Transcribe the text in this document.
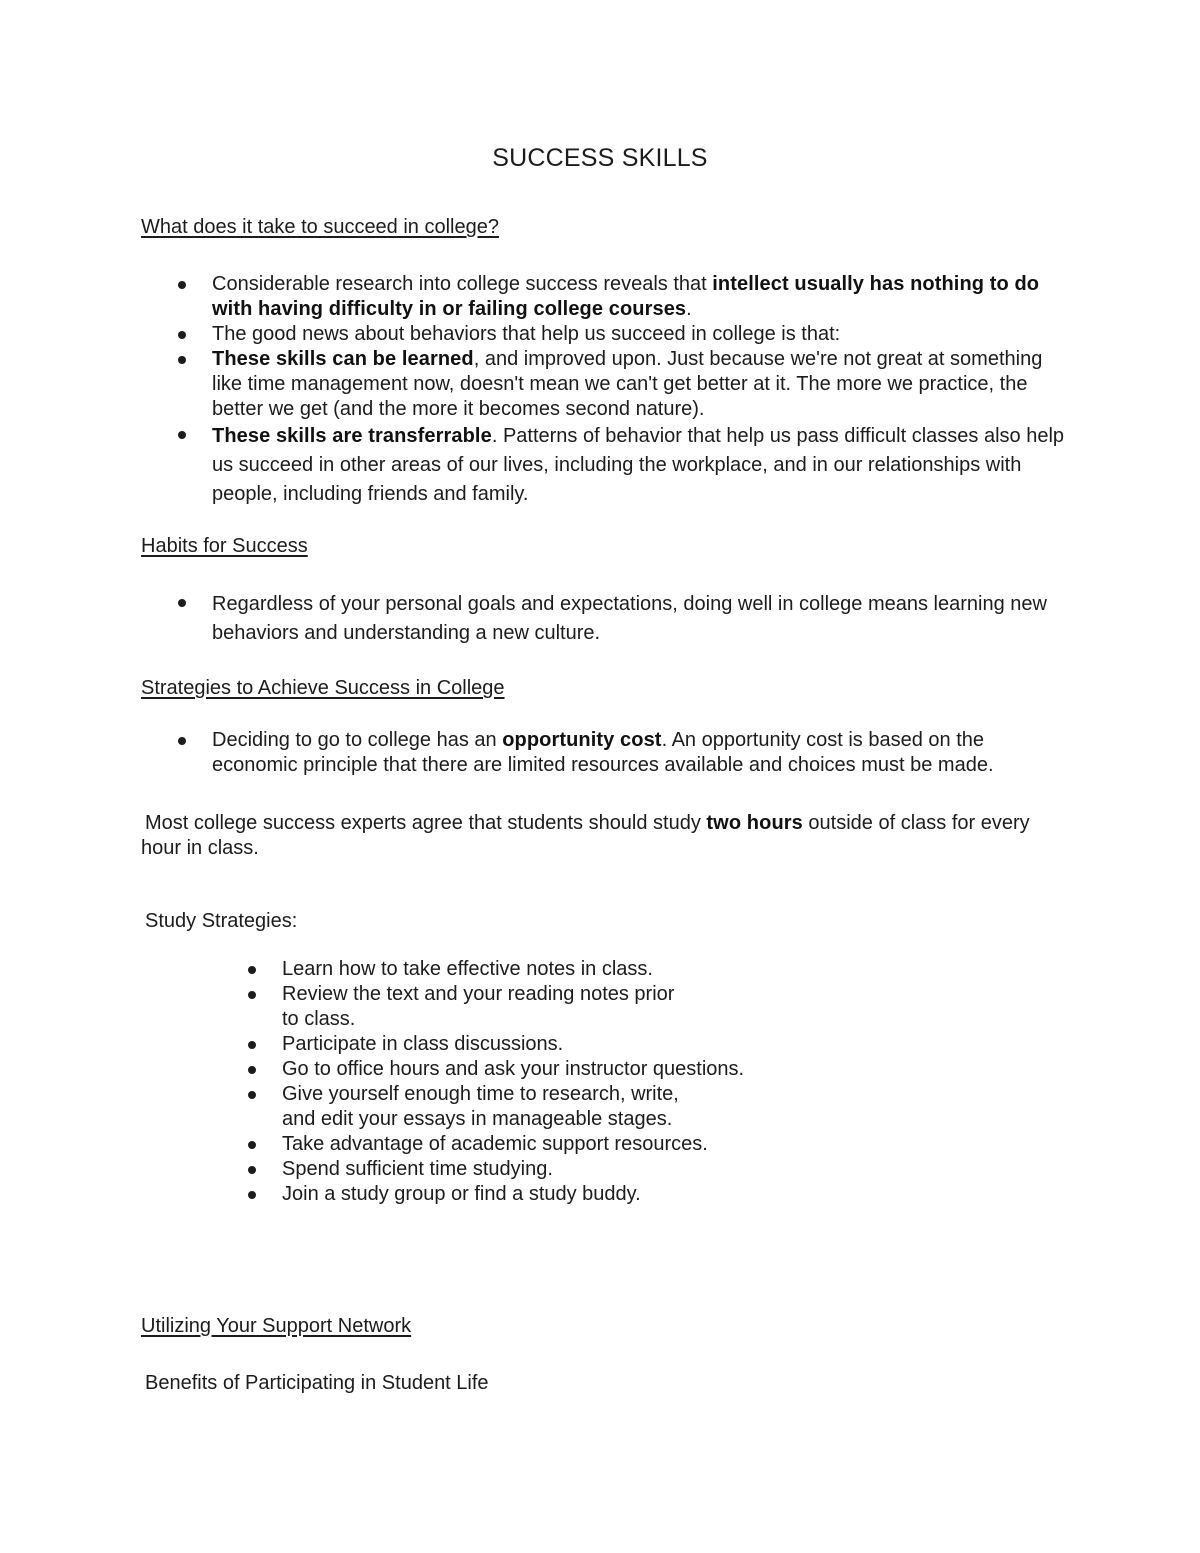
SUCCESS SKILLS
What does it take to succeed in college?
Considerable research into college success reveals that intellect usually has nothing to do with having difficulty in or failing college courses.
The good news about behaviors that help us succeed in college is that:
These skills can be learned, and improved upon. Just because we're not great at something like time management now, doesn't mean we can't get better at it. The more we practice, the better we get (and the more it becomes second nature).
These skills are transferrable. Patterns of behavior that help us pass difficult classes also help us succeed in other areas of our lives, including the workplace, and in our relationships with people, including friends and family.
Habits for Success
Regardless of your personal goals and expectations, doing well in college means learning new behaviors and understanding a new culture.
Strategies to Achieve Success in College
Deciding to go to college has an opportunity cost. An opportunity cost is based on the economic principle that there are limited resources available and choices must be made.
Most college success experts agree that students should study two hours outside of class for every hour in class.
Study Strategies:
Learn how to take effective notes in class.
Review the text and your reading notes prior
to class.
Participate in class discussions.
Go to office hours and ask your instructor questions.
Give yourself enough time to research, write,
and edit your essays in manageable stages.
Take advantage of academic support resources.
Spend sufficient time studying.
Join a study group or find a study buddy.
Utilizing Your Support Network
Benefits of Participating in Student Life
